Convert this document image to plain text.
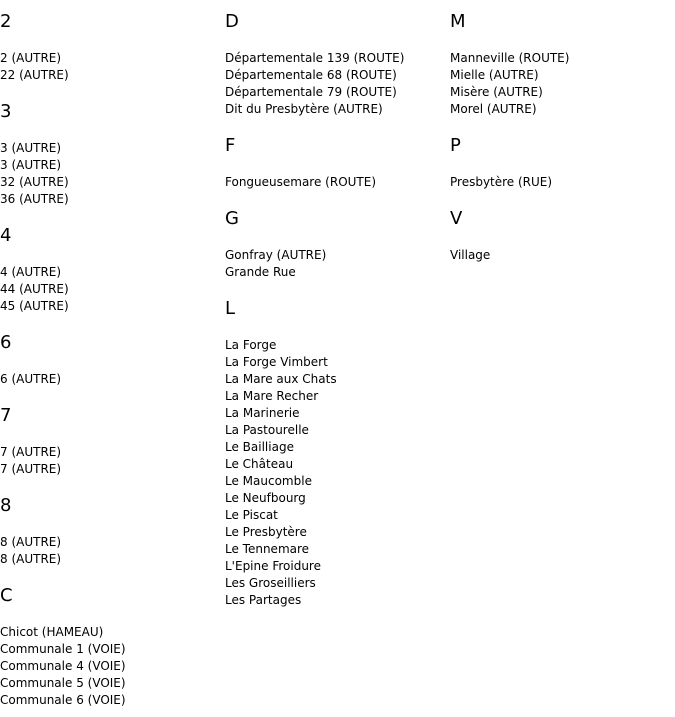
2
2 (AUTRE)
22 (AUTRE)
3
3 (AUTRE)
3 (AUTRE)
32 (AUTRE)
36 (AUTRE)
4
4 (AUTRE)
44 (AUTRE)
45 (AUTRE)
6
6 (AUTRE)
7
7 (AUTRE)
7 (AUTRE)
8
8 (AUTRE)
8 (AUTRE)
C
Chicot (HAMEAU)
Communale 1 (VOIE)
Communale 4 (VOIE)
Communale 5 (VOIE)
Communale 6 (VOIE)
D
Départementale 139 (ROUTE)
Départementale 68 (ROUTE)
Départementale 79 (ROUTE)
Dit du Presbytère (AUTRE)
F
Fongueusemare (ROUTE)
G
Gonfray (AUTRE)
Grande Rue
L
La Forge
La Forge Vimbert
La Mare aux Chats
La Mare Recher
La Marinerie
La Pastourelle
Le Bailliage
Le Château
Le Maucomble
Le Neufbourg
Le Piscat
Le Presbytère
Le Tennemare
L'Epine Froidure
Les Groseilliers
Les Partages
M
Manneville (ROUTE)
Mielle (AUTRE)
Misère (AUTRE)
Morel (AUTRE)
P
Presbytère (RUE)
V
Village
